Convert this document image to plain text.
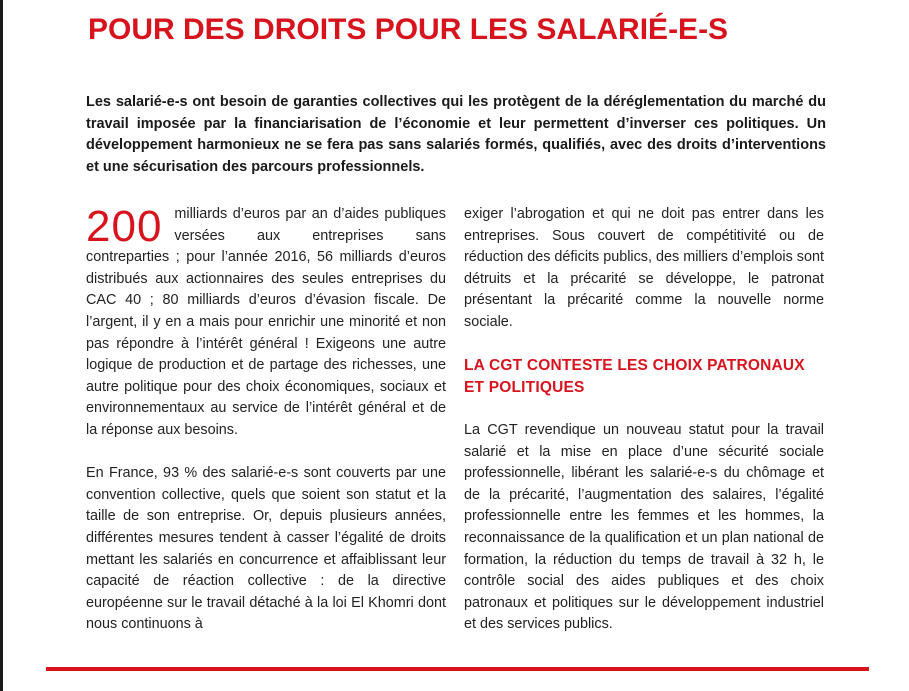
POUR DES DROITS POUR LES SALARIÉ-E-S

Les salarié-e-s ont besoin de garanties collectives qui les protègent de la déréglementation du marché du travail imposée par la financiarisation de l’économie et leur permettent d’inverser ces politiques. Un développement harmonieux ne se fera pas sans salariés formés, qualifiés, avec des droits d’interventions et une sécurisation des parcours professionnels.

200 milliards d’euros par an d’aides publiques versées aux entreprises sans contreparties ; pour l’année 2016, 56 milliards d’euros distribués aux actionnaires des seules entreprises du CAC 40 ; 80 milliards d’euros d’évasion fiscale. De l’argent, il y en a mais pour enrichir une minorité et non pas répondre à l’intérêt général ! Exigeons une autre logique de production et de partage des richesses, une autre politique pour des choix économiques, sociaux et environnementaux au service de l’intérêt général et de la réponse aux besoins.

En France, 93 % des salarié-e-s sont couverts par une convention collective, quels que soient son statut et la taille de son entreprise. Or, depuis plusieurs années, différentes mesures tendent à casser l’égalité de droits mettant les salariés en concurrence et affaiblissant leur capacité de réaction collective : de la directive européenne sur le travail détaché à la loi El Khomri dont nous continuons à

exiger l’abrogation et qui ne doit pas entrer dans les entreprises. Sous couvert de compétitivité ou de réduction des déficits publics, des milliers d’emplois sont détruits et la précarité se développe, le patronat présentant la précarité comme la nouvelle norme sociale.

LA CGT CONTESTE LES CHOIX PATRONAUX ET POLITIQUES

La CGT revendique un nouveau statut pour la travail salarié et la mise en place d’une sécurité sociale professionnelle, libérant les salarié-e-s du chômage et de la précarité, l’augmentation des salaires, l’égalité professionnelle entre les femmes et les hommes, la reconnaissance de la qualification et un plan national de formation, la réduction du temps de travail à 32 h, le contrôle social des aides publiques et des choix patronaux et politiques sur le développement industriel et des services publics.
